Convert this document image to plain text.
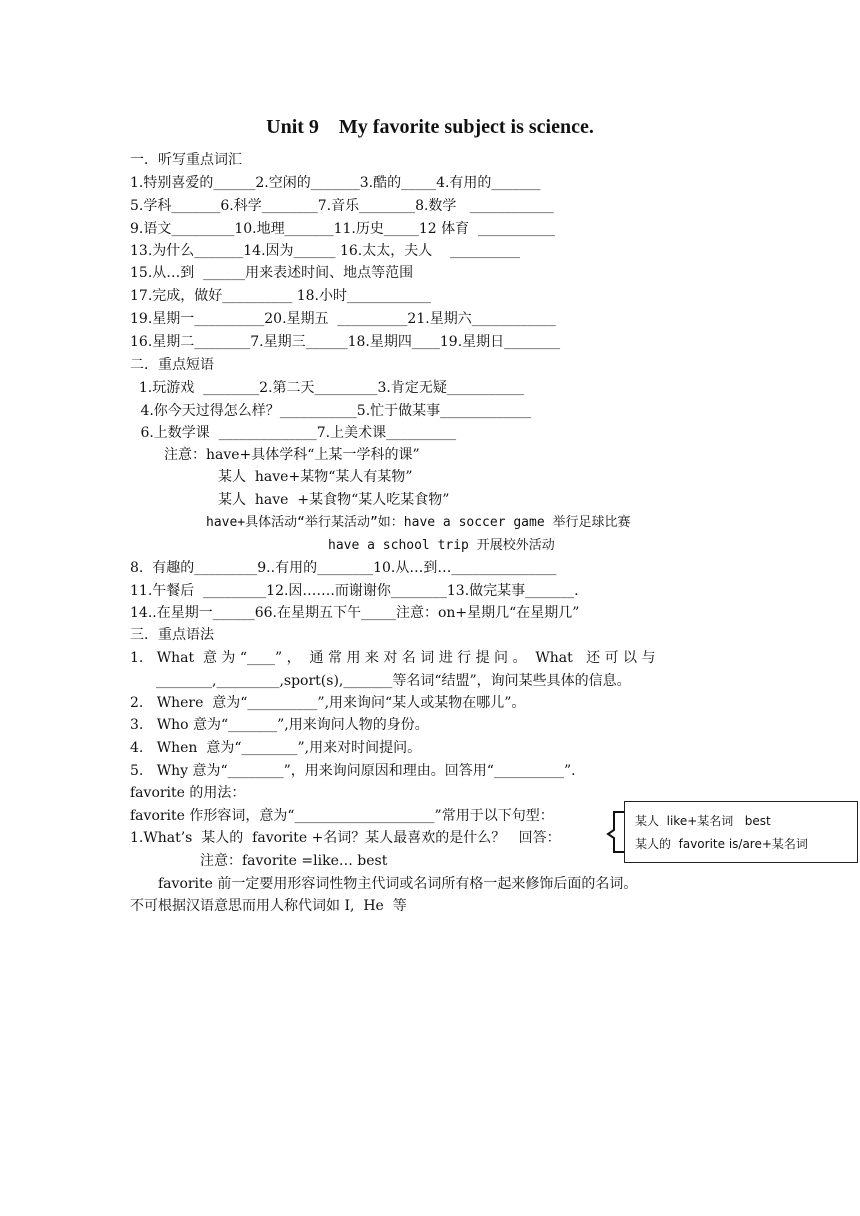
Unit 9    My favorite subject is science.
一．听写重点词汇
1.特别喜爱的______2.空闲的_______3.酷的_____4.有用的_______
5.学科_______6.科学________7.音乐________8.数学   ____________
9.语文_________10.地理_______11.历史_____12 体育  ___________
13.为什么_______14.因为______ 16.太太，夫人    __________
15.从…到  ______用来表述时间、地点等范围
17.完成，做好__________ 18.小时____________
19.星期一__________20.星期五  __________21.星期六____________
16.星期二________7.星期三______18.星期四____19.星期日________
二．重点短语
1.玩游戏  ________2.第二天_________3.肯定无疑___________
4.你今天过得怎么样？___________5.忙于做某事_____________
6.上数学课  ______________7.上美术课__________
注意：have+具体学科“上某一学科的课”
某人  have+某物“某人有某物”
某人  have  +某食物“某人吃某食物”
have+具体活动“举行某活动”如：have a soccer game 举行足球比赛
have a school trip 开展校外活动
8.  有趣的_________9..有用的________10.从…到…_______________
11.午餐后  _________12.因…….而谢谢你________13.做完某事_______.
14..在星期一______66.在星期五下午_____注意：on+星期几“在星期几”
三．重点语法
1.   What  意 为 “____” ，  通 常 用 来 对 名 词 进 行 提 问 。  What   还 可 以 与
________,_________,sport(s),_______等名词“结盟”，询问某些具体的信息。
2.   Where  意为“__________”,用来询问“某人或某物在哪儿”。
3.   Who 意为“_______”,用来询问人物的身份。
4.   When  意为“________”,用来对时间提问。
5.   Why 意为“________”，用来询问原因和理由。回答用“__________”.
favorite 的用法：
favorite 作形容词，意为“____________________”常用于以下句型：
1.What’s  某人的  favorite +名词？某人最喜欢的是什么？   回答：
注意：favorite =like… best
favorite 前一定要用形容词性物主代词或名词所有格一起来修饰后面的名词。
不可根据汉语意思而用人称代词如 I,  He  等
某人  like+某名词   best
某人的  favorite is/are+某名词
